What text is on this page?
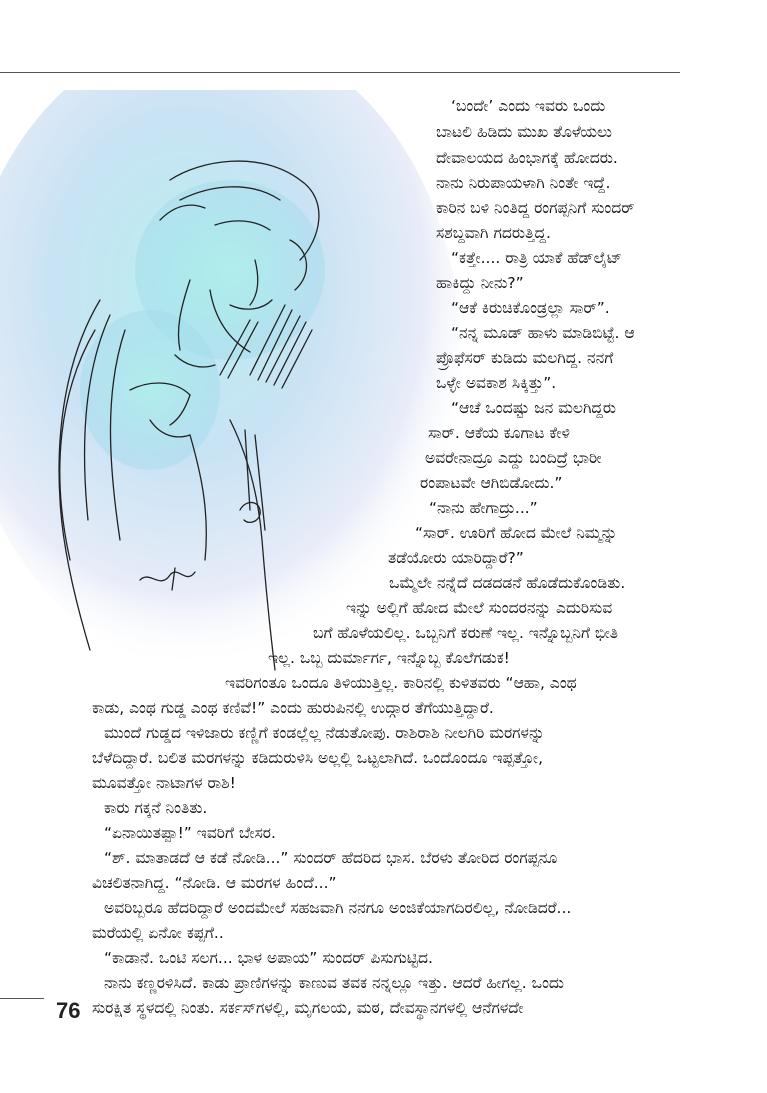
‘ಬಂದೇ’ ಎಂದು ಇವರು ಒಂದು
ಬಾಟಲಿ ಹಿಡಿದು ಮುಖ ತೊಳೆಯಲು
ದೇವಾಲಯದ ಹಿಂಭಾಗಕ್ಕೆ ಹೋದರು.
ನಾನು ನಿರುಪಾಯಳಾಗಿ ನಿಂತೇ ಇದ್ದೆ.
ಕಾರಿನ ಬಳಿ ನಿಂತಿದ್ದ ರಂಗಪ್ಪನಿಗೆ ಸುಂದರ್
ಸಶಬ್ದವಾಗಿ ಗದರುತ್ತಿದ್ದ.
“ಕತ್ತೇ.... ರಾತ್ರಿ ಯಾಕೆ ಹೆಡ್‌ಲೈಟ್
ಹಾಕಿದ್ದು ನೀನು?”
“ಆಕೆ ಕಿರುಚಿಕೊಂಡ್ರಲ್ಲಾ ಸಾರ್”.
“ನನ್ನ ಮೂಡ್ ಹಾಳು ಮಾಡಿಬಿಟ್ಟೆ. ಆ
ಪ್ರೊಫೆಸರ್ ಕುಡಿದು ಮಲಗಿದ್ದ. ನನಗೆ
ಒಳ್ಳೇ ಅವಕಾಶ ಸಿಕ್ಕಿತ್ತು”.
“ಆಚೆ ಒಂದಷ್ಟು ಜನ ಮಲಗಿದ್ದರು
ಸಾರ್. ಆಕೆಯ ಕೂಗಾಟ ಕೇಳಿ
ಅವರೇನಾದ್ರೂ ಎದ್ದು ಬಂದಿದ್ರೆ ಭಾರೀ
ರಂಪಾಟವೇ ಆಗಿಬಿಡೋದು.”
“ನಾನು ಹೇಗಾದ್ರು...”
“ಸಾರ್. ಊರಿಗೆ ಹೋದ ಮೇಲೆ ನಿಮ್ಮನ್ನು
ತಡೆಯೋರು ಯಾರಿದ್ದಾರೆ?”
ಒಮ್ಮೆಲೇ ನನ್ನೆದೆ ದಡದಡನೆ ಹೊಡೆದುಕೊಂಡಿತು.
ಇನ್ನು ಅಲ್ಲಿಗೆ ಹೋದ ಮೇಲೆ ಸುಂದರನನ್ನು ಎದುರಿಸುವ
ಬಗೆ ಹೊಳೆಯಲಿಲ್ಲ. ಒಬ್ಬನಿಗೆ ಕರುಣೆ ಇಲ್ಲ. ಇನ್ನೊಬ್ಬನಿಗೆ ಭೀತಿ
ಇಲ್ಲ. ಒಬ್ಬ ದುರ್ಮಾರ್ಗ, ಇನ್ನೊಬ್ಬ ಕೊಲೆಗಡುಕ!
ಇವರಿಗಂತೂ ಒಂದೂ ತಿಳಿಯುತ್ತಿಲ್ಲ. ಕಾರಿನಲ್ಲಿ ಕುಳಿತವರು “ಆಹಾ, ಎಂಥ
ಕಾಡು, ಎಂಥ ಗುಡ್ಡ ಎಂಥ ಕಣಿವೆ!” ಎಂದು ಹುರುಪಿನಲ್ಲಿ ಉದ್ಗಾರ ತೆಗೆಯುತ್ತಿದ್ದಾರೆ.
ಮುಂದೆ ಗುಡ್ಡದ ಇಳಿಜಾರು ಕಣ್ಣಿಗೆ ಕಂಡಲ್ಲೆಲ್ಲ ನೆಡುತೋಪು. ರಾಶಿರಾಶಿ ನೀಲಗಿರಿ ಮರಗಳನ್ನು
ಬೆಳೆದಿದ್ದಾರೆ. ಬಲಿತ ಮರಗಳನ್ನು ಕಡಿದುರುಳಿಸಿ ಅಲ್ಲಲ್ಲಿ ಒಟ್ಟಲಾಗಿದೆ. ಒಂದೊಂದೂ ಇಪ್ಪತ್ತೋ,
ಮೂವತ್ತೋ ನಾಟಾಗಳ ರಾಶಿ!
ಕಾರು ಗಕ್ಕನೆ ನಿಂತಿತು.
“ಏನಾಯಿತಪ್ಪಾ!” ಇವರಿಗೆ ಬೇಸರ.
“ಶ್. ಮಾತಾಡದೆ ಆ ಕಡೆ ನೋಡಿ...” ಸುಂದರ್ ಹೆದರಿದ ಭಾಸ. ಬೆರಳು ತೋರಿದ ರಂಗಪ್ಪನೂ
ವಿಚಲಿತನಾಗಿದ್ದ. “ನೋಡಿ. ಆ ಮರಗಳ ಹಿಂದೆ...”
ಅವರಿಬ್ಬರೂ ಹೆದರಿದ್ದಾರೆ ಅಂದಮೇಲೆ ಸಹಜವಾಗಿ ನನಗೂ ಅಂಜಿಕೆಯಾಗದಿರಲಿಲ್ಲ, ನೋಡಿದರೆ...
ಮರೆಯಲ್ಲಿ ಏನೋ ಕಪ್ಪಗೆ..
“ಕಾಡಾನೆ. ಒಂಟಿ ಸಲಗ... ಭಾಳ ಅಪಾಯ” ಸುಂದರ್ ಪಿಸುಗುಟ್ಟಿದ.
ನಾನು ಕಣ್ಣರಳಿಸಿದೆ. ಕಾಡು ಪ್ರಾಣಿಗಳನ್ನು ಕಾಣುವ ತವಕ ನನ್ನಲ್ಲೂ ಇತ್ತು. ಆದರೆ ಹೀಗಲ್ಲ. ಒಂದು
ಸುರಕ್ಷಿತ ಸ್ಥಳದಲ್ಲಿ ನಿಂತು. ಸರ್ಕಸ್‌ಗಳಲ್ಲಿ, ಮೃಗಲಯ, ಮಠ, ದೇವಸ್ಥಾನಗಳಲ್ಲಿ ಆನೆಗಳದೇ
76
